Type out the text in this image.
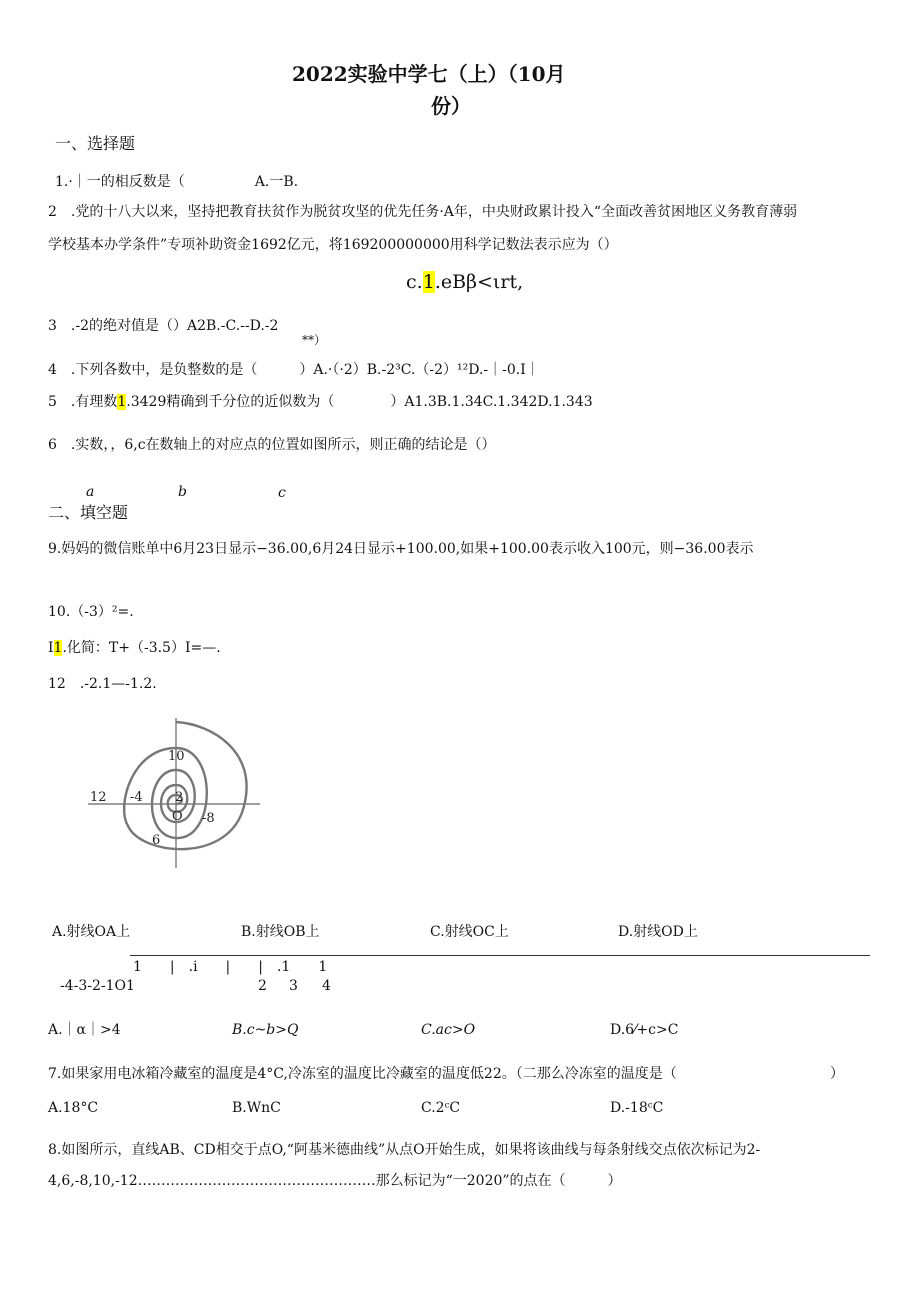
2022实验中学七（上）（10月
份）
一、选择题
1.·｜一的相反数是（　　　　　A.一B.
2　.党的十八大以来，坚持把教育扶贫作为脱贫攻坚的优先任务·A年，中央财政累计投入“全面改善贫困地区义务教育薄弱
学校基本办学条件”专项补助资金1692亿元，将169200000000用科学记数法表示应为（）
c.1.eBβ<ιrt,
3　.-2的绝对值是（）A2B.-C.--D.-2
**）
4　.下列各数中，是负整数的是（　　　）A.·（·2）B.-2³C.（-2）¹²D.-｜-0.I｜
5　.有理数1.3429精确到千分位的近似数为（　　　　）A1.3B.1.34C.1.342D.1.343
6　.实数，，6,c在数轴上的对应点的位置如图所示，则正确的结论是（）
a	b	c
二、填空题
9.妈妈的微信账单中6月23日显示−36.00,6月24日显示+100.00,如果+100.00表示收入100元，则−36.00表示
10.（-3）²=.
I1.化简：T+（-3.5）I=—.
12　.-2.1—-1.2.
10
12 -4 2
O -8
6
A.射线OA上	B.射线OB上	C.射线OC上	D.射线OD上
1　　|　.i　　|　　|　.1　　1
-4-3-2-1O1	2 3 4
A.｜α｜>4	B.c~b>Q	C.ac>O	D.6⁄+c>C
7.如果家用电冰箱冷藏室的温度是4°C,冷冻室的温度比冷藏室的温度低22。（二那么冷冻室的温度是（	）
A.18°C	B.WnC	C.2ᶜC	D.-18ᶜC
8.如图所示，直线AB、CD相交于点O,“阿基米德曲线”从点O开始生成，如果将该曲线与每条射线交点依次标记为2-
4,6,-8,10,-12……………………………………………那么标记为“一2020”的点在（　　　）
